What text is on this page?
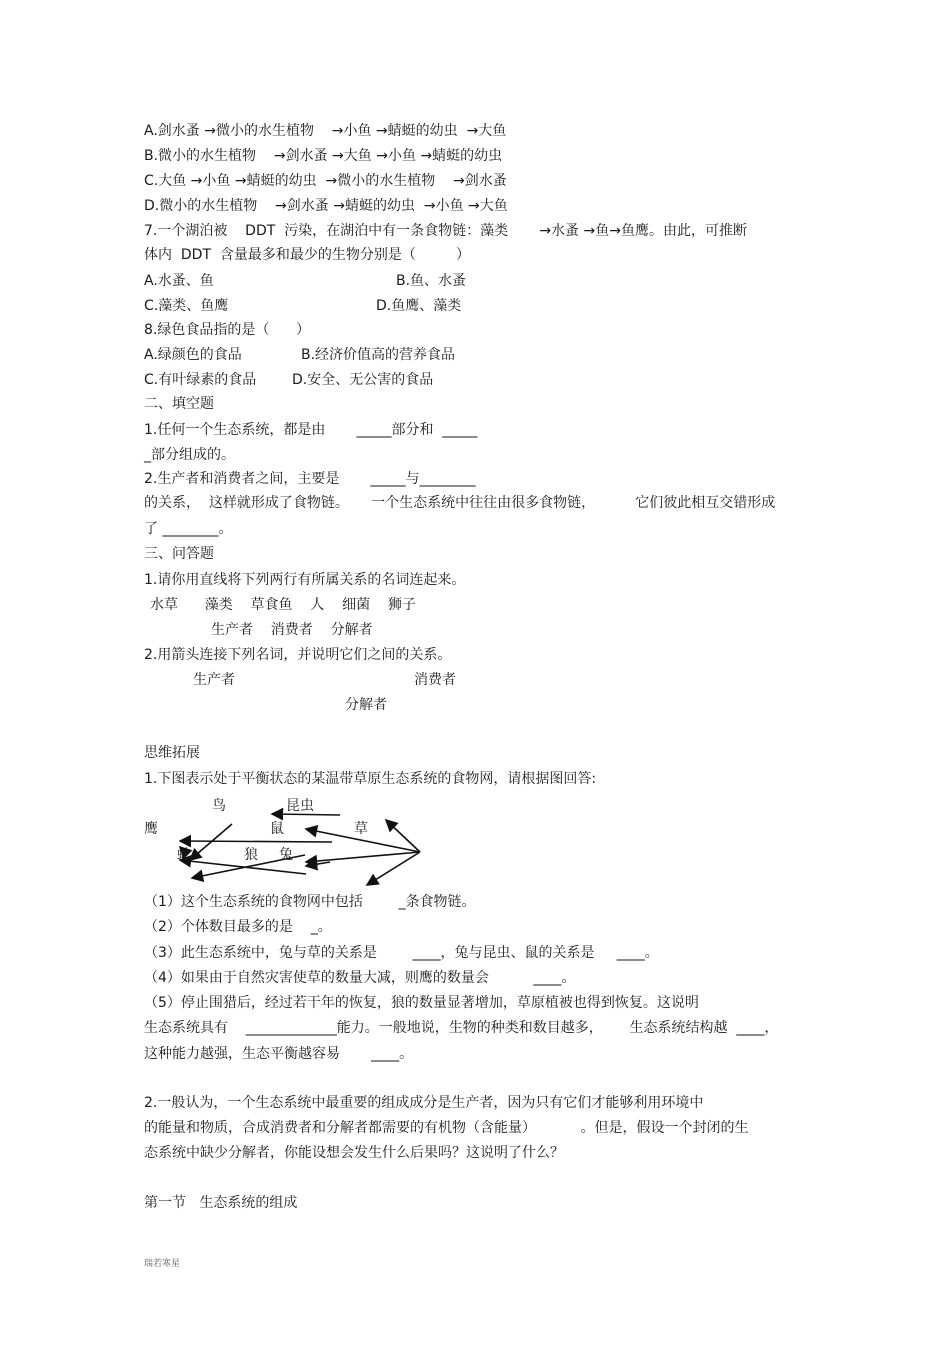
A.剑水蚤 →微小的水生植物    →小鱼 →蜻蜓的幼虫  →大鱼
B.微小的水生植物    →剑水蚤 →大鱼 →小鱼 →蜻蜓的幼虫
C.大鱼 →小鱼 →蜻蜓的幼虫  →微小的水生植物    →剑水蚤
D.微小的水生植物    →剑水蚤 →蜻蜓的幼虫  →小鱼 →大鱼
7.一个湖泊被    DDT  污染，在湖泊中有一条食物链：藻类       →水蚤 →鱼→鱼鹰。由此，可推断
体内  DDT  含量最多和最少的生物分别是（         ）
A.水蚤、鱼	B.鱼、水蚤
C.藻类、鱼鹰	D.鱼鹰、藻类
8.绿色食品指的是（      ）
A.绿颜色的食品	B.经济价值高的营养食品
C.有叶绿素的食品	D.安全、无公害的食品
二、填空题
1.任何一个生态系统，都是由       _____部分和  _____
_部分组成的。
2.生产者和消费者之间，主要是       _____与________
的关系，  这样就形成了食物链。     一个生态系统中往往由很多食物链，         它们彼此相互交错形成
了 ________。
三、问答题
1.请你用直线将下列两行有所属关系的名词连起来。
水草      藻类    草食鱼    人    细菌    狮子
生产者    消费者    分解者
2.用箭头连接下列名词，并说明它们之间的关系。
生产者	消费者
分解者
思维拓展
1.下图表示处于平衡状态的某温带草原生态系统的食物网，请根据图回答:
鸟	昆虫
鹰	鼠	草
蛇	狼 兔
（1）这个生态系统的食物网中包括        _条食物链。
（2）个体数目最多的是    _。
（3）此生态系统中，兔与草的关系是        ____，兔与昆虫、鼠的关系是     ____。
（4）如果由于自然灾害使草的数量大减，则鹰的数量会          ____。
（5）停止围猎后，经过若干年的恢复，狼的数量显著增加，草原植被也得到恢复。这说明
生态系统具有    _____________能力。一般地说，生物的种类和数目越多，      生态系统结构越  ____，
这种能力越强，生态平衡越容易       ____。
2.一般认为，一个生态系统中最重要的组成成分是生产者，因为只有它们才能够利用环境中
的能量和物质，合成消费者和分解者都需要的有机物（含能量）          。但是，假设一个封闭的生
态系统中缺少分解者，你能设想会发生什么后果吗？这说明了什么？
第一节   生态系统的组成
瑞若寒星
